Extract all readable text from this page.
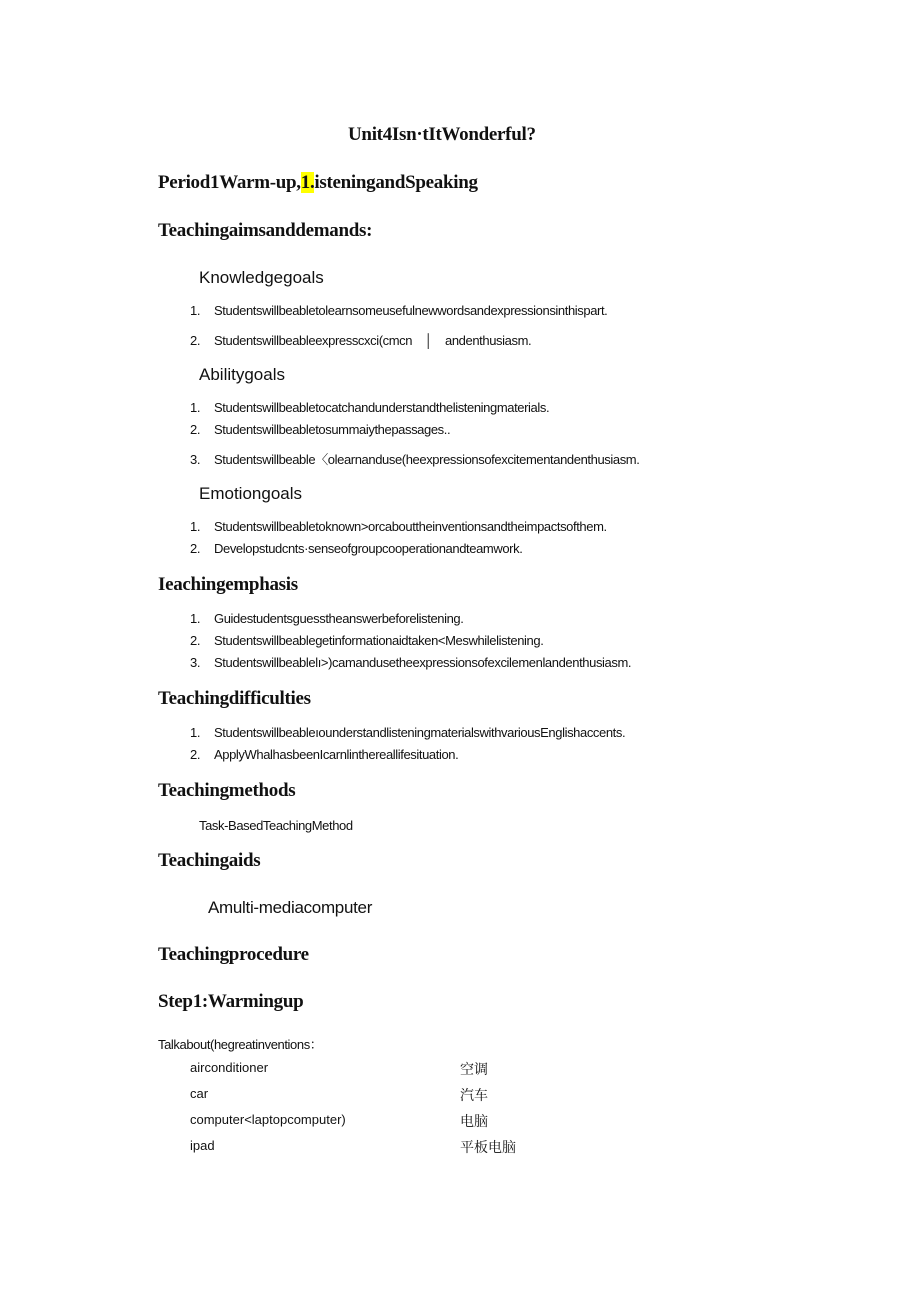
Unit4Isn·tItWonderful?
Period1Warm-up,1.isteningandSpeaking
Teachingaimsanddemands:
Knowledgegoals
1. Studentswillbeabletolearnsomeusefulnewwordsandexpressionsinthispart.
2. Studentswillbeableexpresscxci(cmcn　│　andenthusiasm.
Abilitygoals
1. Studentswillbeabletocatchandunderstandthelisteningmaterials.
2. Studentswillbeabletosummaiythepassages..
3. Studentswillbeable〈olearnanduse(heexpressionsofexcitementandenthusiasm.
Emotiongoals
1. Studentswillbeabletoknown>orcabouttheinventionsandtheimpactsofthem.
2. Developstudcnts·senseofgroupcooperationandteamwork.
Ieachingemphasis
1. Guidestudentsguesstheanswerbeforelistening.
2. Studentswillbeablegetinformationaidtaken<Meswhilelistening.
3. Studentswillbeablelı>)camandusetheexpressionsofexcilemenlandenthusiasm.
Teachingdifficulties
1. StudentswillbeableıounderstandlisteningmaterialswithvariousEnglishaccents.
2. ApplyWhalhasbeenIcarnlinthereallifesituation.
Teachingmethods
Task-BasedTeachingMethod
Teachingaids
Amulti-mediacomputer
Teachingprocedure
Step1:Warmingup
Talkabout(hegreatinventions：
airconditioner	空调
car	汽车
computer<laptopcomputer)	电脑
ipad	平板电脑
